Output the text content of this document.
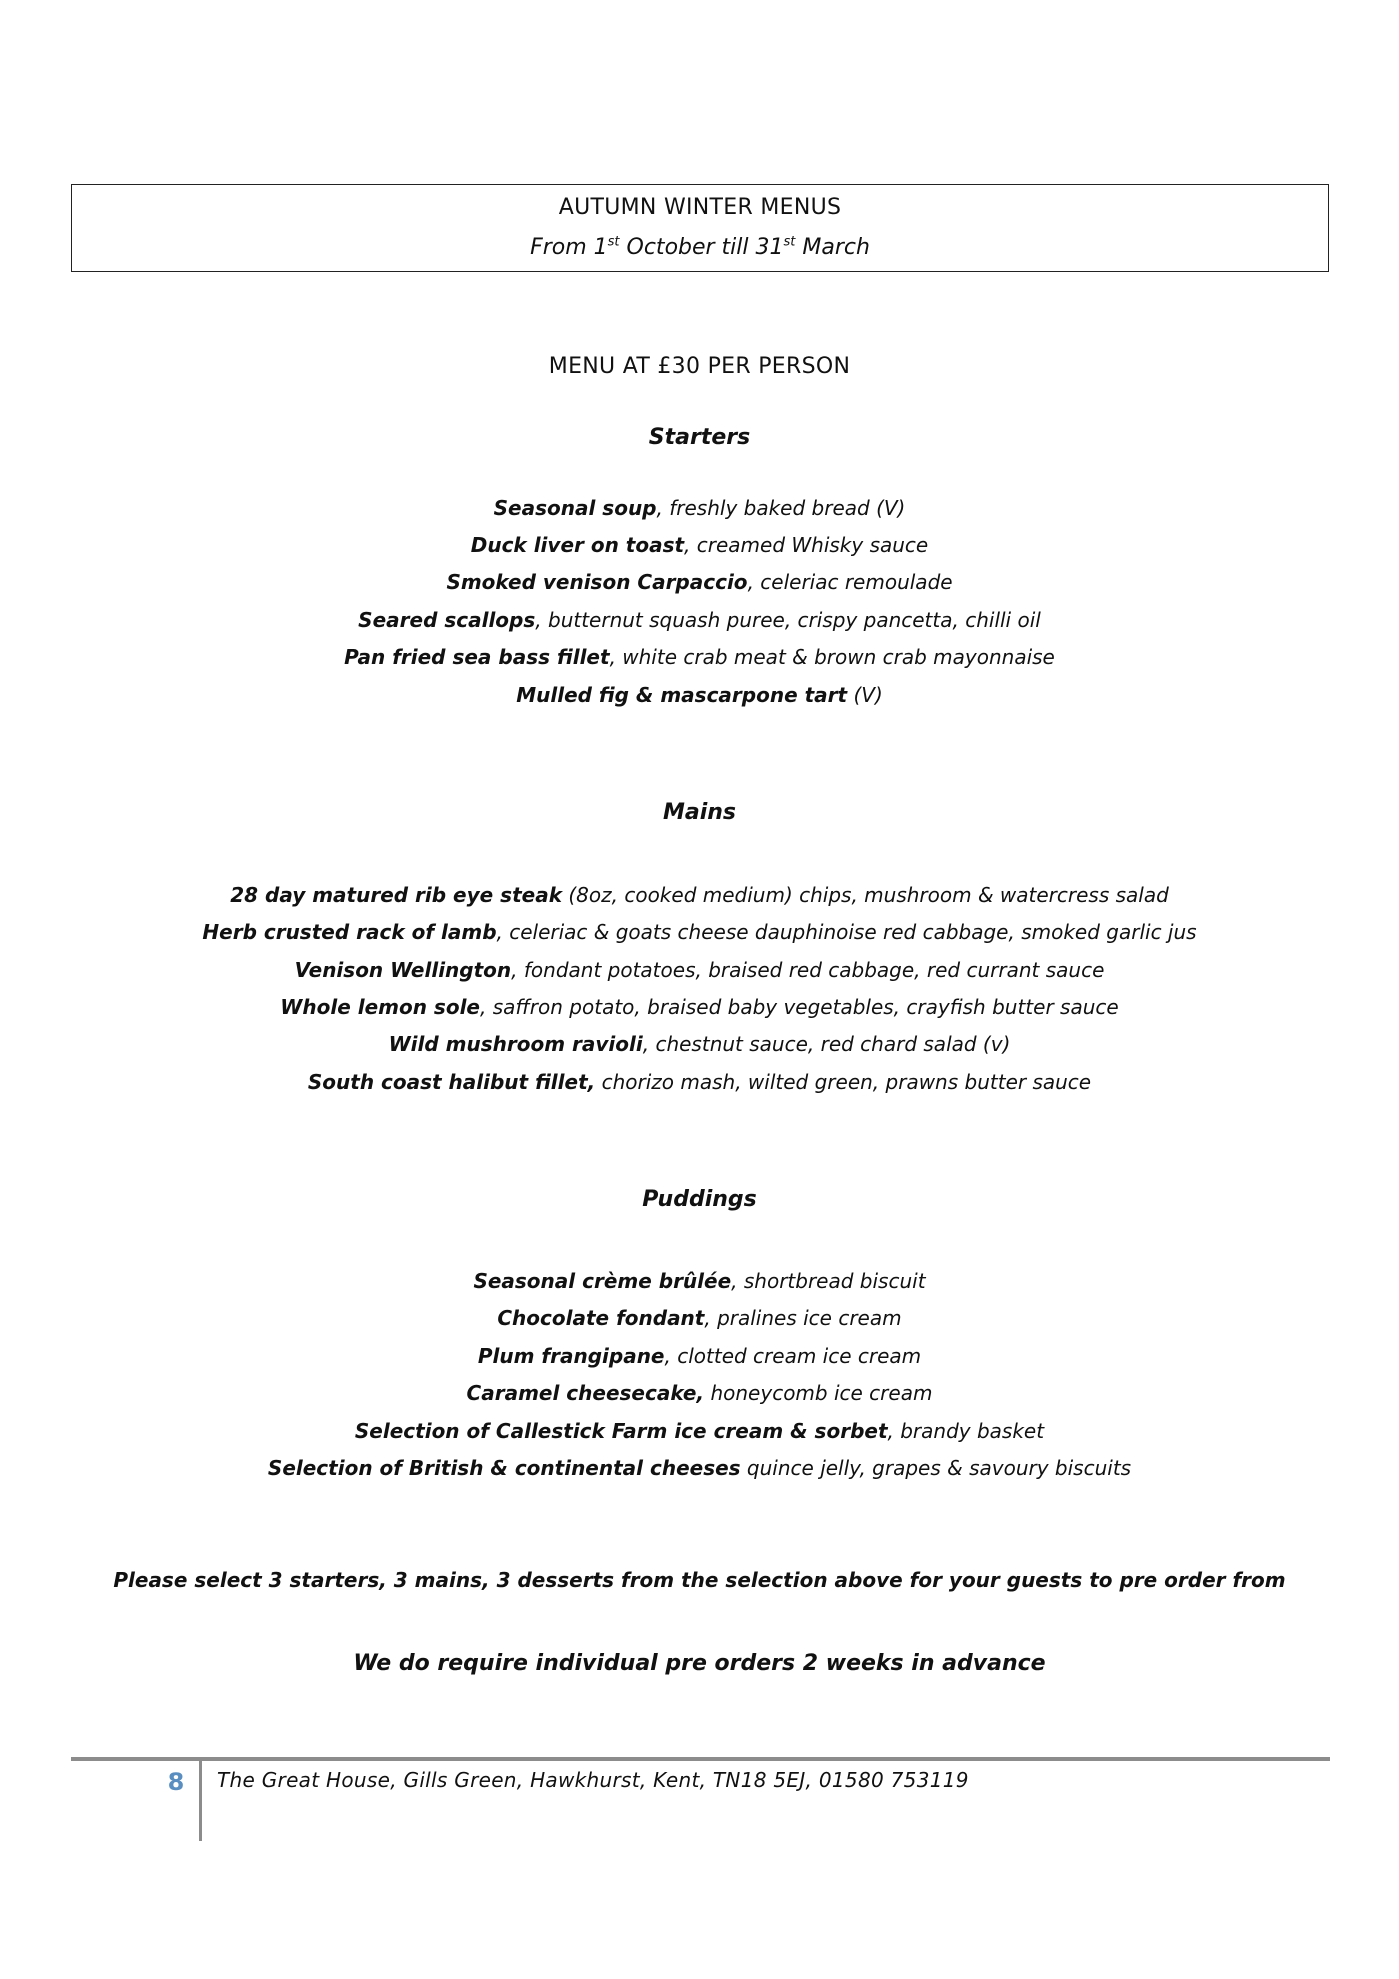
AUTUMN WINTER MENUS
From 1st October till 31st March
MENU AT £30 PER PERSON
Starters
Seasonal soup, freshly baked bread (V)
Duck liver on toast, creamed Whisky sauce
Smoked venison Carpaccio, celeriac remoulade
Seared scallops, butternut squash puree, crispy pancetta, chilli oil
Pan fried sea bass fillet, white crab meat & brown crab mayonnaise
Mulled fig & mascarpone tart (V)
Mains
28 day matured rib eye steak (8oz, cooked medium) chips, mushroom & watercress salad
Herb crusted rack of lamb, celeriac & goats cheese dauphinoise red cabbage, smoked garlic jus
Venison Wellington, fondant potatoes, braised red cabbage, red currant sauce
Whole lemon sole, saffron potato, braised baby vegetables, crayfish butter sauce
Wild mushroom ravioli, chestnut sauce, red chard salad (v)
South coast halibut fillet, chorizo mash, wilted green, prawns butter sauce
Puddings
Seasonal crème brûlée, shortbread biscuit
Chocolate fondant, pralines ice cream
Plum frangipane, clotted cream ice cream
Caramel cheesecake, honeycomb ice cream
Selection of Callestick Farm ice cream & sorbet, brandy basket
Selection of British & continental cheeses quince jelly, grapes & savoury biscuits
Please select 3 starters, 3 mains, 3 desserts from the selection above for your guests to pre order from
We do require individual pre orders 2 weeks in advance
8	The Great House, Gills Green, Hawkhurst, Kent, TN18 5EJ, 01580 753119
